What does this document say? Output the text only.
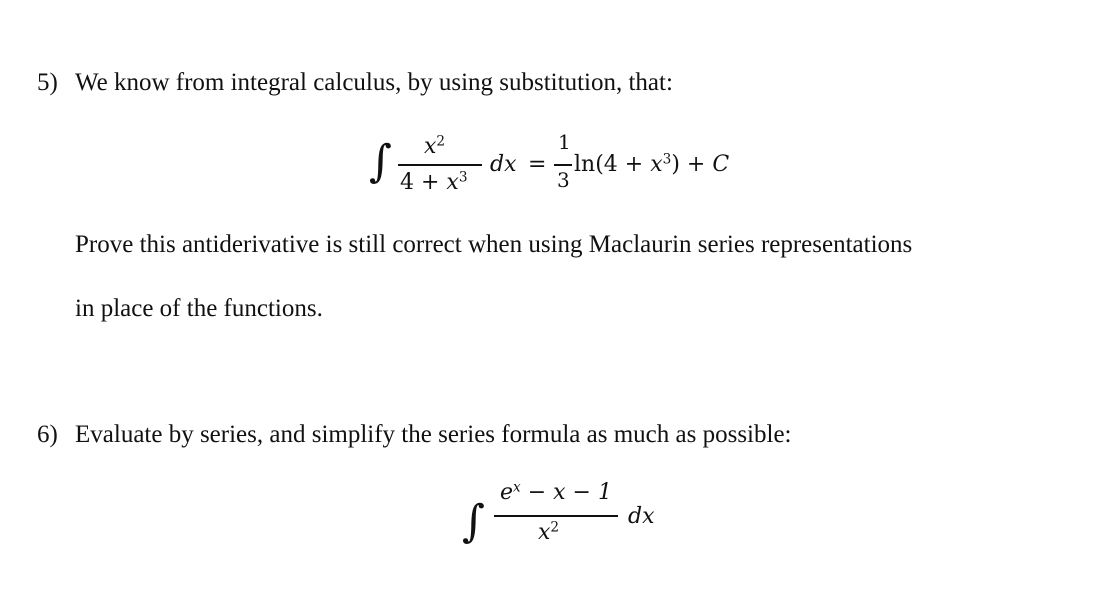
5) We know from integral calculus, by using substitution, that:
∫ $x^2$
$4 + x^3$
dx =
1
3
$\ln(4 + x^3) + C$
Prove this antiderivative is still correct when using Maclaurin series representations
in place of the functions.
6) Evaluate by series, and simplify the series formula as much as possible:
∫
$e^x - x - 1$
$x^2$	dx
